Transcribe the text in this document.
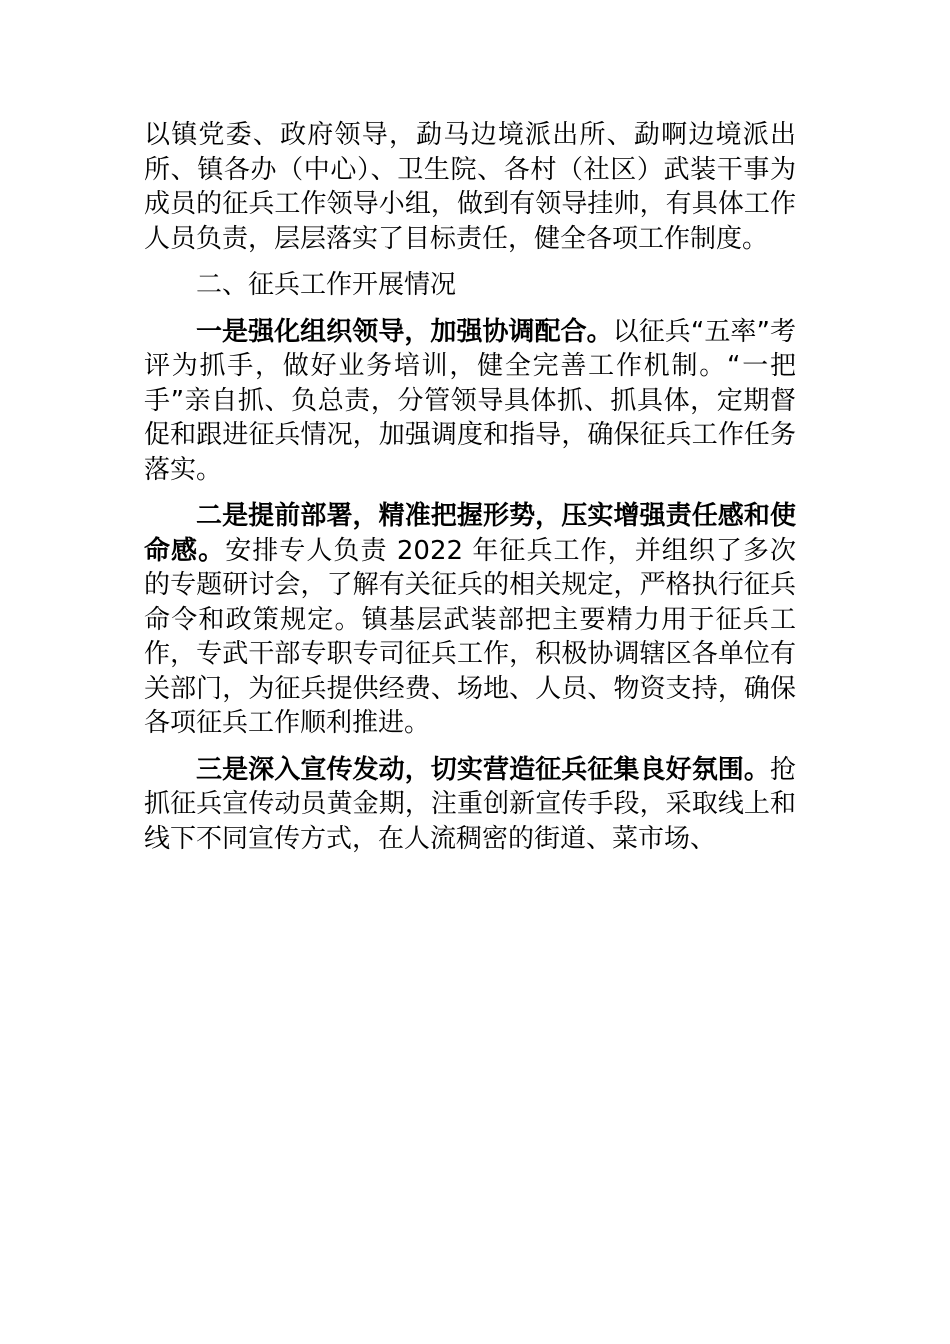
以镇党委、政府领导，勐马边境派出所、勐啊边境派出所、镇各办（中心）、卫生院、各村（社区）武装干事为成员的征兵工作领导小组，做到有领导挂帅，有具体工作人员负责，层层落实了目标责任，健全各项工作制度。

二、征兵工作开展情况

一是强化组织领导，加强协调配合。以征兵“五率”考评为抓手，做好业务培训，健全完善工作机制。“一把手”亲自抓、负总责，分管领导具体抓、抓具体，定期督促和跟进征兵情况，加强调度和指导，确保征兵工作任务落实。

二是提前部署，精准把握形势，压实增强责任感和使命感。安排专人负责 2022 年征兵工作，并组织了多次的专题研讨会，了解有关征兵的相关规定，严格执行征兵命令和政策规定。镇基层武装部把主要精力用于征兵工作，专武干部专职专司征兵工作，积极协调辖区各单位有关部门，为征兵提供经费、场地、人员、物资支持，确保各项征兵工作顺利推进。

三是深入宣传发动，切实营造征兵征集良好氛围。抢抓征兵宣传动员黄金期，注重创新宣传手段，采取线上和线下不同宣传方式，在人流稠密的街道、菜市场、
